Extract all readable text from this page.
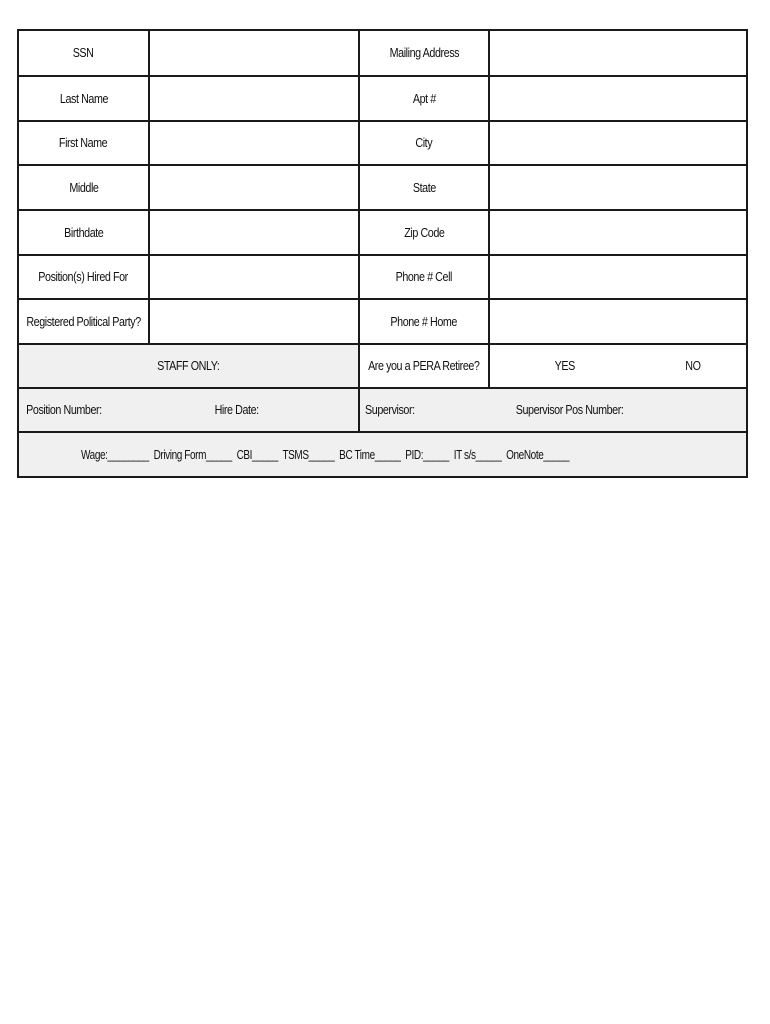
SSN	Mailing Address
Last Name	Apt #
First Name	City
Middle	State
Birthdate	Zip Code
Position(s) Hired For	Phone # Cell
Registered Political Party?	Phone # Home
STAFF ONLY:	Are you a PERA Retiree?	YES	NO
Position Number:	Hire Date:	Supervisor:	Supervisor Pos Number:
Wage:________  Driving Form_____  CBI_____  TSMS_____  BC Time_____  PID:_____  IT s/s_____  OneNote_____
